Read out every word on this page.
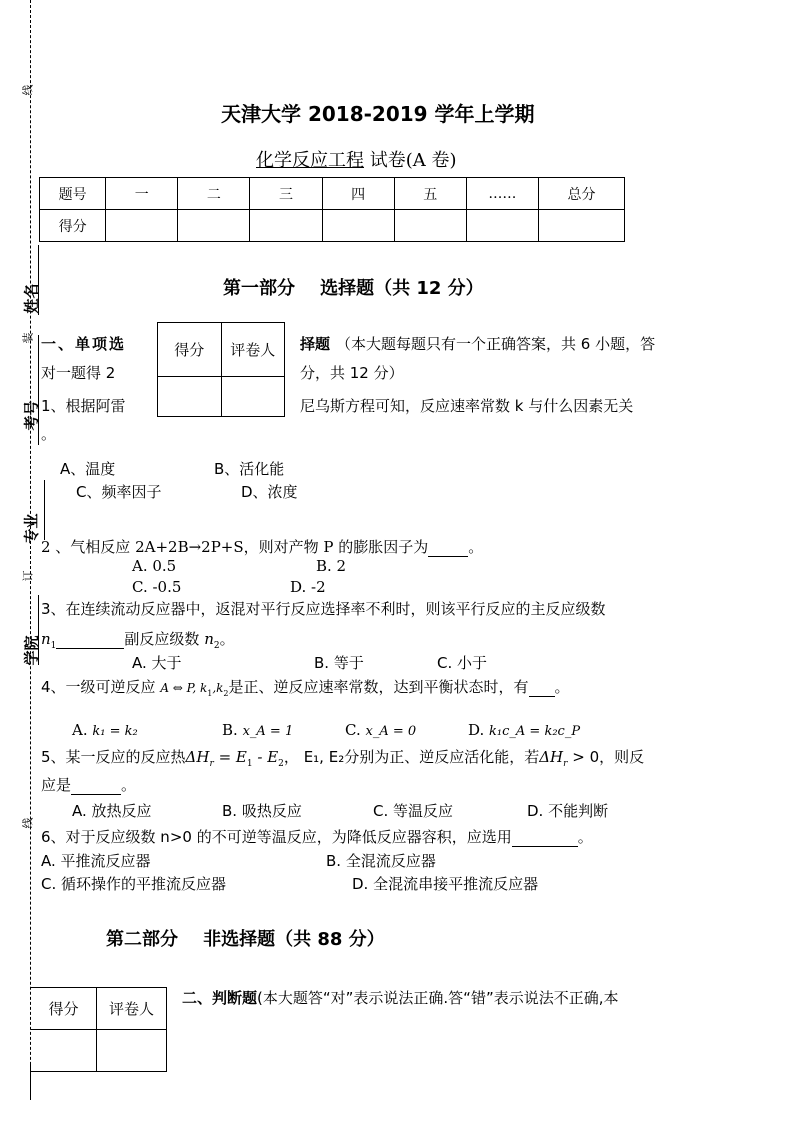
线
姓名
装
考号
专业
订
学院
线
天津大学 2018-2019 学年上学期
化学反应工程 试卷(A 卷)
题号	一	二	三	四	五	……	总分
得分							
第一部分    选择题（共 12 分）
得分	评卷人

一、单项选	择题 （本大题每题只有一个正确答案，共 6 小题，答
对一题得 2	分，共 12 分）
1、根据阿雷	尼乌斯方程可知，反应速率常数 k 与什么因素无关
。
A、温度	B、活化能
C、频率因子	D、浓度
2 、气相反应 2A+2B→2P+S，则对产物 P 的膨胀因子为	。
A. 0.5	B. 2
C. -0.5	D. -2
3、在连续流动反应器中，返混对平行反应选择率不利时，则该平行反应的主反应级数
$n_1$	副反应级数 $n_2$。
A. 大于	B. 等于	C. 小于
4、一级可逆反应 A ⇔ P, $k_1,k_2$是正、逆反应速率常数，达到平衡状态时，有 。
A. k₁ = k₂	B. x_A = 1	C. x_A = 0	D. k₁c_A = k₂c_P
5、某一反应的反应热$\Delta H_r = E_1 - E_2$， E₁, E₂分别为正、逆反应活化能，若$\Delta H_r > 0$，则反
应是	。
A. 放热反应	B. 吸热反应	C. 等温反应	D. 不能判断
6、对于反应级数 n>0 的不可逆等温反应，为降低反应器容积，应选用	。
A. 平推流反应器	B. 全混流反应器
C. 循环操作的平推流反应器	D. 全混流串接平推流反应器
第二部分    非选择题（共 88 分）
得分	评卷人

二、判断题(本大题答“对”表示说法正确.答“错”表示说法不正确,本
